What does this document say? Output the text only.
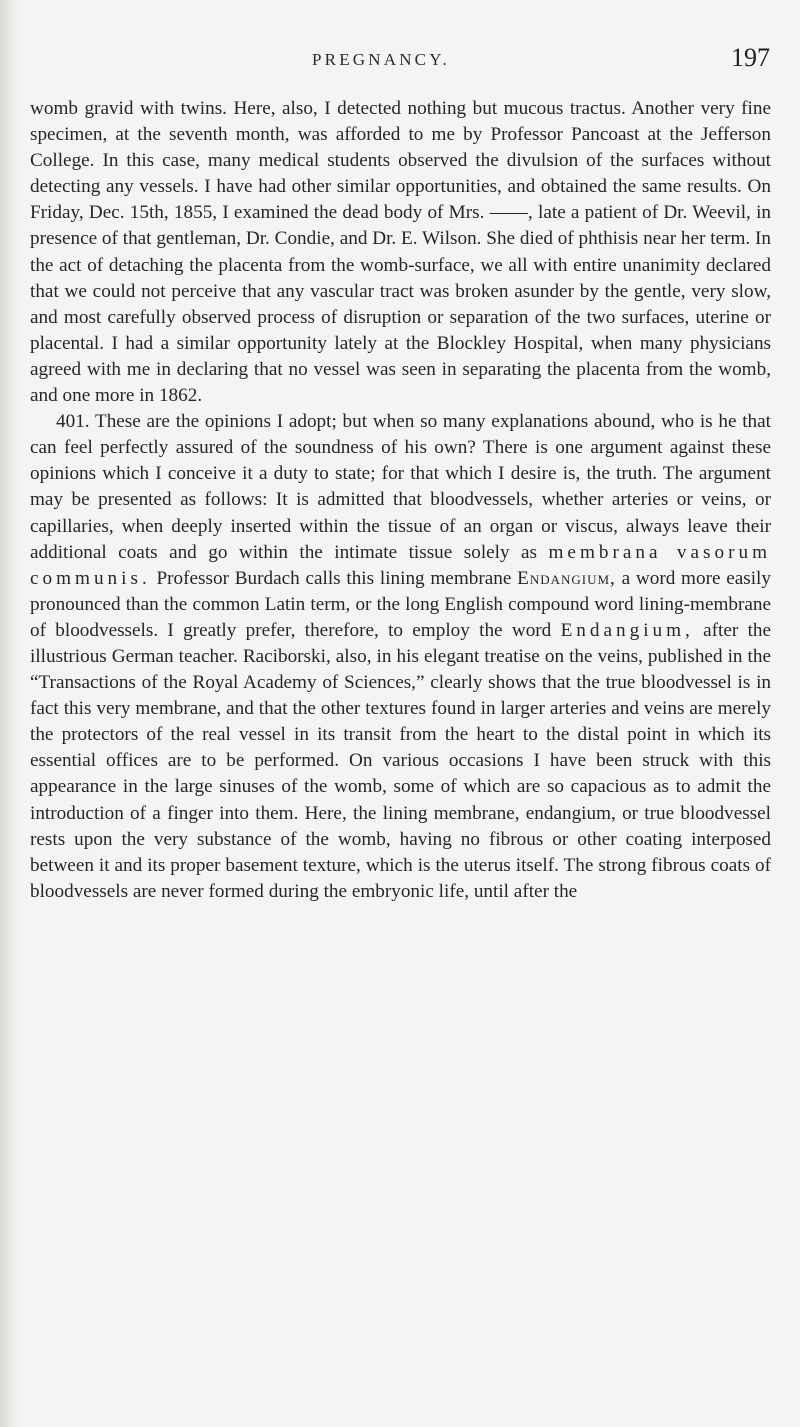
PREGNANCY.	197

womb gravid with twins. Here, also, I detected nothing but mucous tractus. Another very fine specimen, at the seventh month, was afforded to me by Professor Pancoast at the Jefferson College. In this case, many medical students observed the divulsion of the surfaces without detecting any vessels. I have had other similar opportunities, and obtained the same results. On Friday, Dec. 15th, 1855, I examined the dead body of Mrs. ——, late a patient of Dr. Weevil, in presence of that gentleman, Dr. Condie, and Dr. E. Wilson. She died of phthisis near her term. In the act of detaching the placenta from the womb-surface, we all with entire unanimity declared that we could not perceive that any vascular tract was broken asunder by the gentle, very slow, and most carefully observed process of disruption or separation of the two surfaces, uterine or placental. I had a similar opportunity lately at the Blockley Hospital, when many physicians agreed with me in declaring that no vessel was seen in separating the placenta from the womb, and one more in 1862.

401. These are the opinions I adopt; but when so many explanations abound, who is he that can feel perfectly assured of the soundness of his own? There is one argument against these opinions which I conceive it a duty to state; for that which I desire is, the truth. The argument may be presented as follows: It is admitted that bloodvessels, whether arteries or veins, or capillaries, when deeply inserted within the tissue of an organ or viscus, always leave their additional coats and go within the intimate tissue solely as membrana vasorum communis. Professor Burdach calls this lining membrane Endangium, a word more easily pronounced than the common Latin term, or the long English compound word lining-membrane of bloodvessels. I greatly prefer, therefore, to employ the word Endangium, after the illustrious German teacher. Raciborski, also, in his elegant treatise on the veins, published in the “Transactions of the Royal Academy of Sciences,” clearly shows that the true bloodvessel is in fact this very membrane, and that the other textures found in larger arteries and veins are merely the protectors of the real vessel in its transit from the heart to the distal point in which its essential offices are to be performed. On various occasions I have been struck with this appearance in the large sinuses of the womb, some of which are so capacious as to admit the introduction of a finger into them. Here, the lining membrane, endangium, or true bloodvessel rests upon the very substance of the womb, having no fibrous or other coating interposed between it and its proper basement texture, which is the uterus itself. The strong fibrous coats of bloodvessels are never formed during the embryonic life, until after the
